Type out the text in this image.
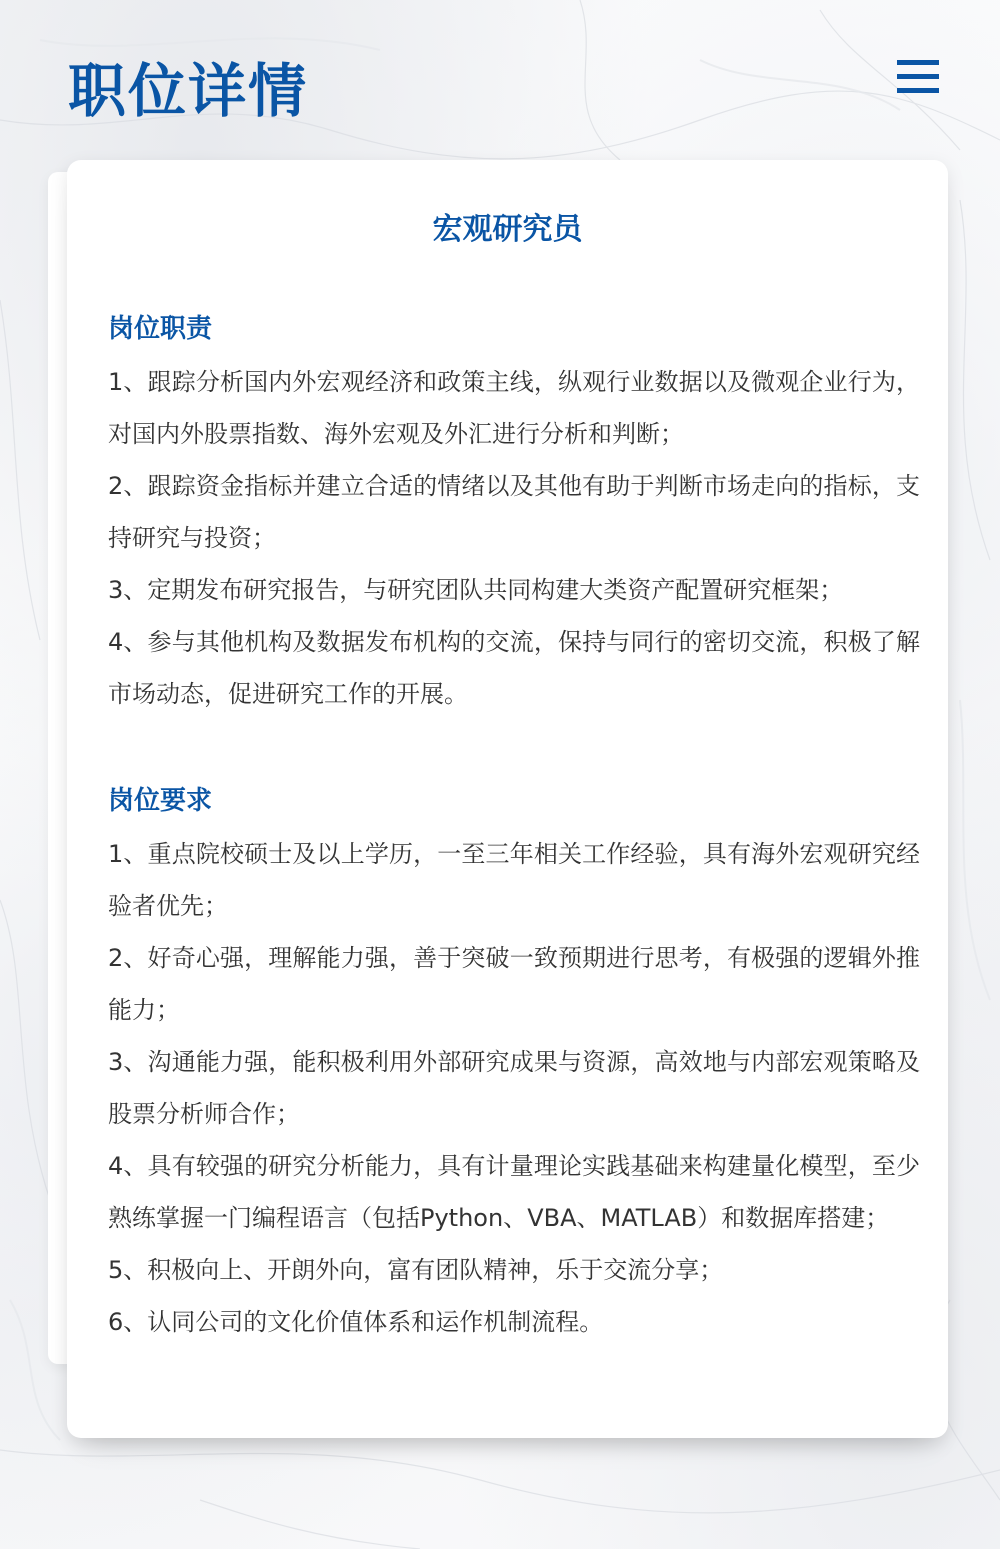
职位详情
宏观研究员
岗位职责

1、跟踪分析国内外宏观经济和政策主线，纵观行业数据以及微观企业行为，对国内外股票指数、海外宏观及外汇进行分析和判断；

2、跟踪资金指标并建立合适的情绪以及其他有助于判断市场走向的指标，支持研究与投资；

3、定期发布研究报告，与研究团队共同构建大类资产配置研究框架；

4、参与其他机构及数据发布机构的交流，保持与同行的密切交流，积极了解市场动态，促进研究工作的开展。

岗位要求

1、重点院校硕士及以上学历，一至三年相关工作经验，具有海外宏观研究经验者优先；

2、好奇心强，理解能力强，善于突破一致预期进行思考，有极强的逻辑外推能力；

3、沟通能力强，能积极利用外部研究成果与资源，高效地与内部宏观策略及股票分析师合作；

4、具有较强的研究分析能力，具有计量理论实践基础来构建量化模型，至少熟练掌握一门编程语言（包括Python、VBA、MATLAB）和数据库搭建；

5、积极向上、开朗外向，富有团队精神，乐于交流分享；

6、认同公司的文化价值体系和运作机制流程。
